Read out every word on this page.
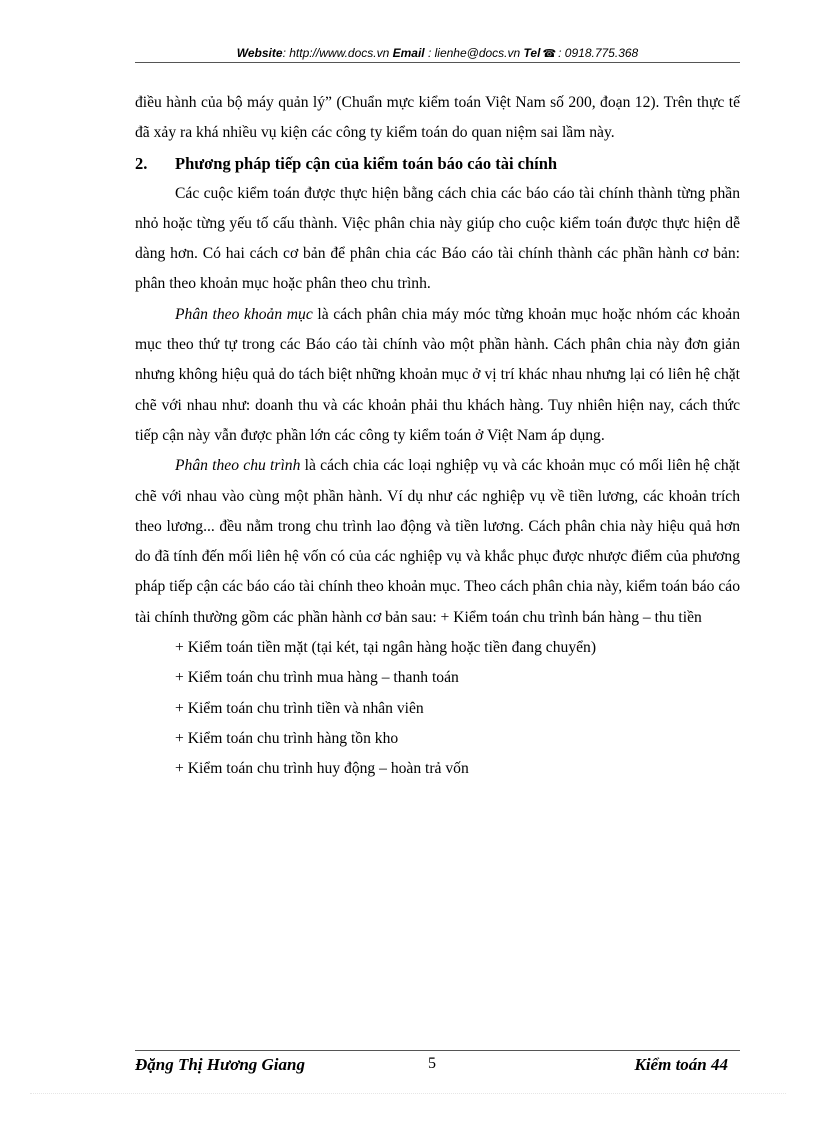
Website: http://www.docs.vn Email : lienhe@docs.vn Tel ☎ : 0918.775.368

điều hành của bộ máy quản lý” (Chuẩn mực kiểm toán Việt Nam số 200, đoạn 12). Trên thực tế đã xảy ra khá nhiều vụ kiện các công ty kiểm toán do quan niệm sai lầm này.

2.	Phương pháp tiếp cận của kiểm toán báo cáo tài chính

Các cuộc kiểm toán được thực hiện bằng cách chia các báo cáo tài chính thành từng phần nhỏ hoặc từng yếu tố cấu thành. Việc phân chia này giúp cho cuộc kiểm toán được thực hiện dễ dàng hơn. Có hai cách cơ bản để phân chia các Báo cáo tài chính thành các phần hành cơ bản: phân theo khoản mục hoặc phân theo chu trình.

Phân theo khoản mục là cách phân chia máy móc từng khoản mục hoặc nhóm các khoản mục theo thứ tự trong các Báo cáo tài chính vào một phần hành. Cách phân chia này đơn giản nhưng không hiệu quả do tách biệt những khoản mục ở vị trí khác nhau nhưng lại có liên hệ chặt chẽ với nhau như: doanh thu và các khoản phải thu khách hàng. Tuy nhiên hiện nay, cách thức tiếp cận này vẫn được phần lớn các công ty kiểm toán ở Việt Nam áp dụng.

Phân theo chu trình là cách chia các loại nghiệp vụ và các khoản mục có mối liên hệ chặt chẽ với nhau vào cùng một phần hành. Ví dụ như các nghiệp vụ về tiền lương, các khoản trích theo lương... đều nằm trong chu trình lao động và tiền lương. Cách phân chia này hiệu quả hơn do đã tính đến mối liên hệ vốn có của các nghiệp vụ và khắc phục được nhược điểm của phương pháp tiếp cận các báo cáo tài chính theo khoản mục. Theo cách phân chia này, kiểm toán báo cáo tài chính thường gồm các phần hành cơ bản sau: + Kiểm toán chu trình bán hàng – thu tiền

+ Kiểm toán tiền mặt (tại két, tại ngân hàng hoặc tiền đang chuyển)

+ Kiểm toán chu trình mua hàng – thanh toán

+ Kiểm toán chu trình tiền và nhân viên

+ Kiểm toán chu trình hàng tồn kho

+ Kiểm toán chu trình huy động – hoàn trả vốn

Đặng Thị Hương Giang	5	Kiểm toán 44
